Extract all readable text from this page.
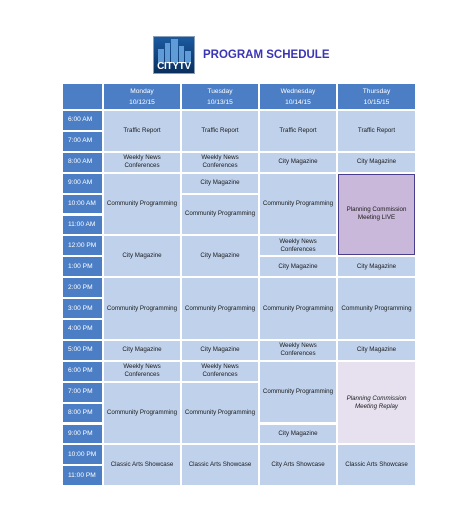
CITYTV
PROGRAM SCHEDULE
Monday
10/12/15
Tuesday
10/13/15
Wednesday
10/14/15
Thursday
10/15/15
6:00 AM
7:00 AM
8:00 AM
9:00 AM
10:00 AM
11:00 AM
12:00 PM
1:00 PM
2:00 PM
3:00 PM
4:00 PM
5:00 PM
6:00 PM
7:00 PM
8:00 PM
9:00 PM
10:00 PM
11:00 PM
Traffic Report
Weekly News Conferences
Community Programming
City Magazine
Community Programming
City Magazine
Weekly News Conferences
Community Programming
Classic Arts Showcase
Traffic Report
Weekly News Conferences
City Magazine
Community Programming
City Magazine
Community Programming
City Magazine
Weekly News Conferences
Community Programming
Classic Arts Showcase
Traffic Report
City Magazine
Community Programming
Weekly News Conferences
City Magazine
Community Programming
Weekly News Conferences
Community Programming
City Magazine
City Arts Showcase
Traffic Report
City Magazine
Planning Commission Meeting LIVE
City Magazine
Community Programming
City Magazine
Planning Commission Meeting Replay
Classic Arts Showcase
